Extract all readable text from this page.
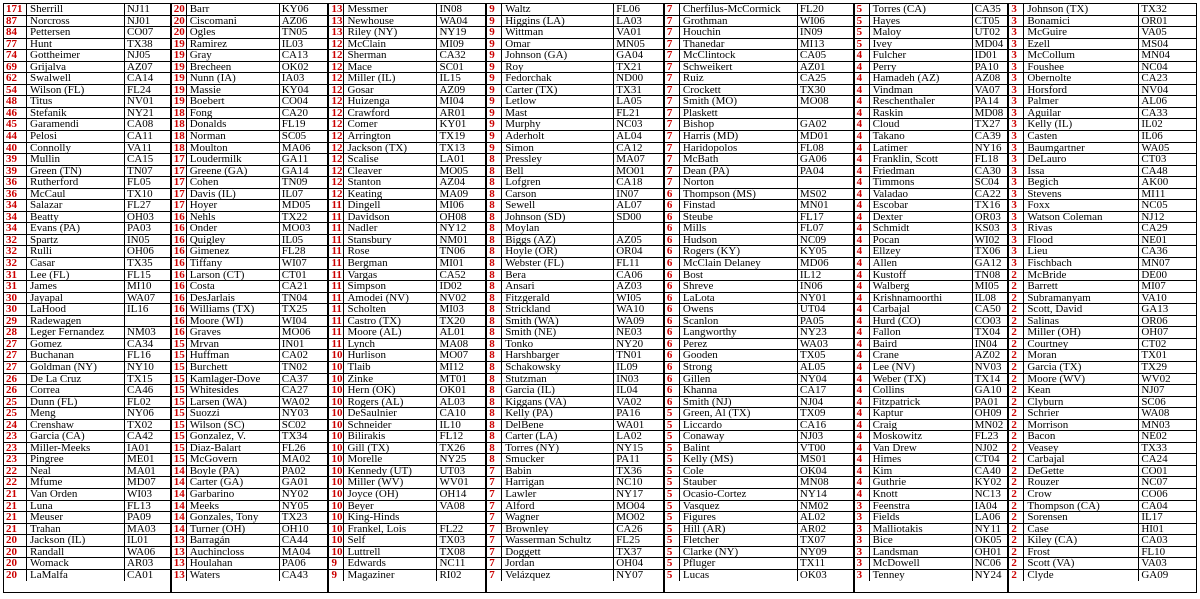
171 Sherrill	NJ11
87	Norcross	NJ01
84	Pettersen	CO07
77	Hunt	TX38
74	Gottheimer	NJ05
69	Grijalva	AZ07
62	Swalwell	CA14
54	Wilson (FL)	FL24
48	Titus	NV01
46	Stefanik	NY21
45	Garamendi	CA08
44	Pelosi	CA11
40	Connolly	VA11
39	Mullin	CA15
39	Green (TN)	TN07
36	Rutherford	FL05
36	McCaul	TX10
34	Salazar	FL27
34	Beatty	OH03
34	Evans (PA)	PA03
32	Spartz	IN05
32	Rulli	OH06
32	Casar	TX35
31	Lee (FL)	FL15
31	James	MI10
30	Jayapal	WA07
30	LaHood	IL16
29	Radewagen
28	Leger Fernandez	NM03
27	Gomez	CA34
27	Buchanan	FL16
27	Goldman (NY)	NY10
26	De La Cruz	TX15
26	Correa	CA46
25	Dunn (FL)	FL02
25	Meng	NY06
24	Crenshaw	TX02
23	Garcia (CA)	CA42
23	Miller-Meeks	IA01
23	Pingree	ME01
22	Neal	MA01
22	Mfume	MD07
21	Van Orden	WI03
21	Luna	FL13
21	Meuser	PA09
21	Trahan	MA03
20	Jackson (IL)	IL01
20	Randall	WA06
20	Womack	AR03
20	LaMalfa	CA01
20 Barr	KY06
20 Ciscomani	AZ06
20 Ogles	TN05
19 Ramirez	IL03
19 Gray	CA13
19 Brecheen	OK02
19 Nunn (IA)	IA03
19 Massie	KY04
19 Boebert	CO04
18 Fong	CA20
18 Donalds	FL19
18 Norman	SC05
18 Moulton	MA06
17 Loudermilk	GA11
17 Greene (GA)	GA14
17 Cohen	TN09
17 Davis (IL)	IL07
17 Hoyer	MD05
16 Nehls	TX22
16 Onder	MO03
16 Quigley	IL05
16 Gimenez	FL28
16 Tiffany	WI07
16 Larson (CT)	CT01
16 Costa	CA21
16 DesJarlais	TN04
16 Williams (TX)	TX25
16 Moore (WI)	WI04
16 Graves	MO06
15 Mrvan	IN01
15 Huffman	CA02
15 Burchett	TN02
15 Kamlager-Dove	CA37
15 Whitesides	CA27
15 Larsen (WA)	WA02
15 Suozzi	NY03
15 Wilson (SC)	SC02
15 Gonzalez, V.	TX34
15 Diaz-Balart	FL26
15 McGovern	MA02
14 Boyle (PA)	PA02
14 Carter (GA)	GA01
14 Garbarino	NY02
14 Meeks	NY05
14 Gonzales, Tony	TX23
14 Turner (OH)	OH10
13 Barragán	CA44
13 Auchincloss	MA04
13 Houlahan	PA06
13 Waters	CA43
13 Messmer	IN08
13 Newhouse	WA04
13 Riley (NY)	NY19
12 McClain	MI09
12 Sherman	CA32
12 Mace	SC01
12 Miller (IL)	IL15
12 Gosar	AZ09
12 Huizenga	MI04
12 Crawford	AR01
12 Comer	KY01
12 Arrington	TX19
12 Jackson (TX)	TX13
12 Scalise	LA01
12 Cleaver	MO05
12 Stanton	AZ04
12 Keating	MA09
11 Dingell	MI06
11 Davidson	OH08
11 Nadler	NY12
11 Stansbury	NM01
11 Rose	TN06
11 Bergman	MI01
11 Vargas	CA52
11 Simpson	ID02
11 Amodei (NV)	NV02
11 Scholten	MI03
11 Castro (TX)	TX20
11 Moore (AL)	AL01
11 Lynch	MA08
10 Hurlison	MO07
10 Tlaib	MI12
10 Zinke	MT01
10 Hern (OK)	OK01
10 Rogers (AL)	AL03
10 DeSaulnier	CA10
10 Schneider	IL10
10 Bilirakis	FL12
10 Gill (TX)	TX26
10 Morelle	NY25
10 Kennedy (UT)	UT03
10 Miller (WV)	WV01
10 Joyce (OH)	OH14
10 Beyer	VA08
10 King-Hinds
10 Frankel, Lois	FL22
10 Self	TX03
10 Luttrell	TX08
9 Edwards	NC11
9 Magaziner	RI02
9 Waltz	FL06
9 Higgins (LA)	LA03
9 Wittman	VA01
9 Omar	MN05
9 Johnson (GA)	GA04
9 Roy	TX21
9 Fedorchak	ND00
9 Carter (TX)	TX31
9 Letlow	LA05
9 Mast	FL21
9 Murphy	NC03
9 Aderholt	AL04
9 Simon	CA12
8 Pressley	MA07
8 Bell	MO01
8 Lofgren	CA18
8 Carson	IN07
8 Sewell	AL07
8 Johnson (SD)	SD00
8 Moylan
8 Biggs (AZ)	AZ05
8 Hoyle (OR)	OR04
8 Webster (FL)	FL11
8 Bera	CA06
8 Ansari	AZ03
8 Fitzgerald	WI05
8 Strickland	WA10
8 Smith (WA)	WA09
8 Smith (NE)	NE03
8 Tonko	NY20
8 Harshbarger	TN01
8 Schakowsky	IL09
8 Stutzman	IN03
8 Garcia (IL)	IL04
8 Kiggans (VA)	VA02
8 Kelly (PA)	PA16
8 DelBene	WA01
8 Carter (LA)	LA02
8 Torres (NY)	NY15
8 Smucker	PA11
7 Babin	TX36
7 Harrigan	NC10
7 Lawler	NY17
7 Alford	MO04
7 Wagner	MO02
7 Brownley	CA26
7 Wasserman Schultz	FL25
7 Doggett	TX37
7 Jordan	OH04
7 Velázquez	NY07
7 Cherfilus-McCormick	FL20
7 Grothman	WI06
7 Houchin	IN09
7 Thanedar	MI13
7 McClintock	CA05
7 Schweikert	AZ01
7 Ruiz	CA25
7 Crockett	TX30
7 Smith (MO)	MO08
7 Plaskett
7 Bishop	GA02
7 Harris (MD)	MD01
7 Haridopolos	FL08
7 McBath	GA06
7 Dean (PA)	PA04
7 Norton
6 Thompson (MS)	MS02
6 Finstad	MN01
6 Steube	FL17
6 Mills	FL07
6 Hudson	NC09
6 Rogers (KY)	KY05
6 McClain Delaney	MD06
6 Bost	IL12
6 Shreve	IN06
6 LaLota	NY01
6 Owens	UT04
6 Scanlon	PA05
6 Langworthy	NY23
6 Perez	WA03
6 Gooden	TX05
6 Strong	AL05
6 Gillen	NY04
6 Khanna	CA17
6 Smith (NJ)	NJ04
5 Green, Al (TX)	TX09
5 Liccardo	CA16
5 Conaway	NJ03
5 Balint	VT00
5 Kelly (MS)	MS01
5 Cole	OK04
5 Stauber	MN08
5 Ocasio-Cortez	NY14
5 Vasquez	NM02
5 Figures	AL02
5 Hill (AR)	AR02
5 Fletcher	TX07
5 Clarke (NY)	NY09
5 Pfluger	TX11
5 Lucas	OK03
5 Torres (CA)	CA35
5 Hayes	CT05
5 Maloy	UT02
5 Ivey	MD04
4 Fulcher	ID01
4 Perry	PA10
4 Hamadeh (AZ)	AZ08
4 Vindman	VA07
4 Reschenthaler	PA14
4 Raskin	MD08
4 Cloud	TX27
4 Takano	CA39
4 Latimer	NY16
4 Franklin, Scott	FL18
4 Friedman	CA30
4 Timmons	SC04
4 Valadao	CA22
4 Escobar	TX16
4 Dexter	OR03
4 Schmidt	KS03
4 Pocan	WI02
4 Ellzey	TX06
4 Allen	GA12
4 Kustoff	TN08
4 Walberg	MI05
4 Krishnamoorthi	IL08
4 Carbajal	CA50
4 Hurd (CO)	CO03
4 Fallon	TX04
4 Baird	IN04
4 Crane	AZ02
4 Lee (NV)	NV03
4 Weber (TX)	TX14
4 Collins	GA10
4 Fitzpatrick	PA01
4 Kaptur	OH09
4 Craig	MN02
4 Moskowitz	FL23
4 Van Drew	NJ02
4 Himes	CT04
4 Kim	CA40
4 Guthrie	KY02
4 Knott	NC13
3 Feenstra	IA04
3 Fields	LA06
3 Malliotakis	NY11
3 Bice	OK05
3 Landsman	OH01
3 McDowell	NC06
3 Tenney	NY24
3 Johnson (TX)	TX32
3 Bonamici	OR01
3 McGuire	VA05
3 Ezell	MS04
3 McCollum	MN04
3 Foushee	NC04
3 Obernolte	CA23
3 Horsford	NV04
3 Palmer	AL06
3 Aguilar	CA33
3 Kelly (IL)	IL02
3 Casten	IL06
3 Baumgartner	WA05
3 DeLauro	CT03
3 Issa	CA48
3 Begich	AK00
3 Stevens	MI11
3 Foxx	NC05
3 Watson Coleman	NJ12
3 Rivas	CA29
3 Flood	NE01
3 Lieu	CA36
3 Fischbach	MN07
2 McBride	DE00
2 Barrett	MI07
2 Subramanyam	VA10
2 Scott, David	GA13
2 Salinas	OR06
2 Miller (OH)	OH07
2 Courtney	CT02
2 Moran	TX01
2 Garcia (TX)	TX29
2 Moore (WV)	WV02
2 Kean	NJ07
2 Clyburn	SC06
2 Schrier	WA08
2 Morrison	MN03
2 Bacon	NE02
2 Veasey	TX33
2 Carbajal	CA24
2 DeGette	CO01
2 Rouzer	NC07
2 Crow	CO06
2 Thompson (CA)	CA04
2 Sorensen	IL17
2 Case	HI01
2 Kiley (CA)	CA03
2 Frost	FL10
2 Scott (VA)	VA03
2 Clyde	GA09
